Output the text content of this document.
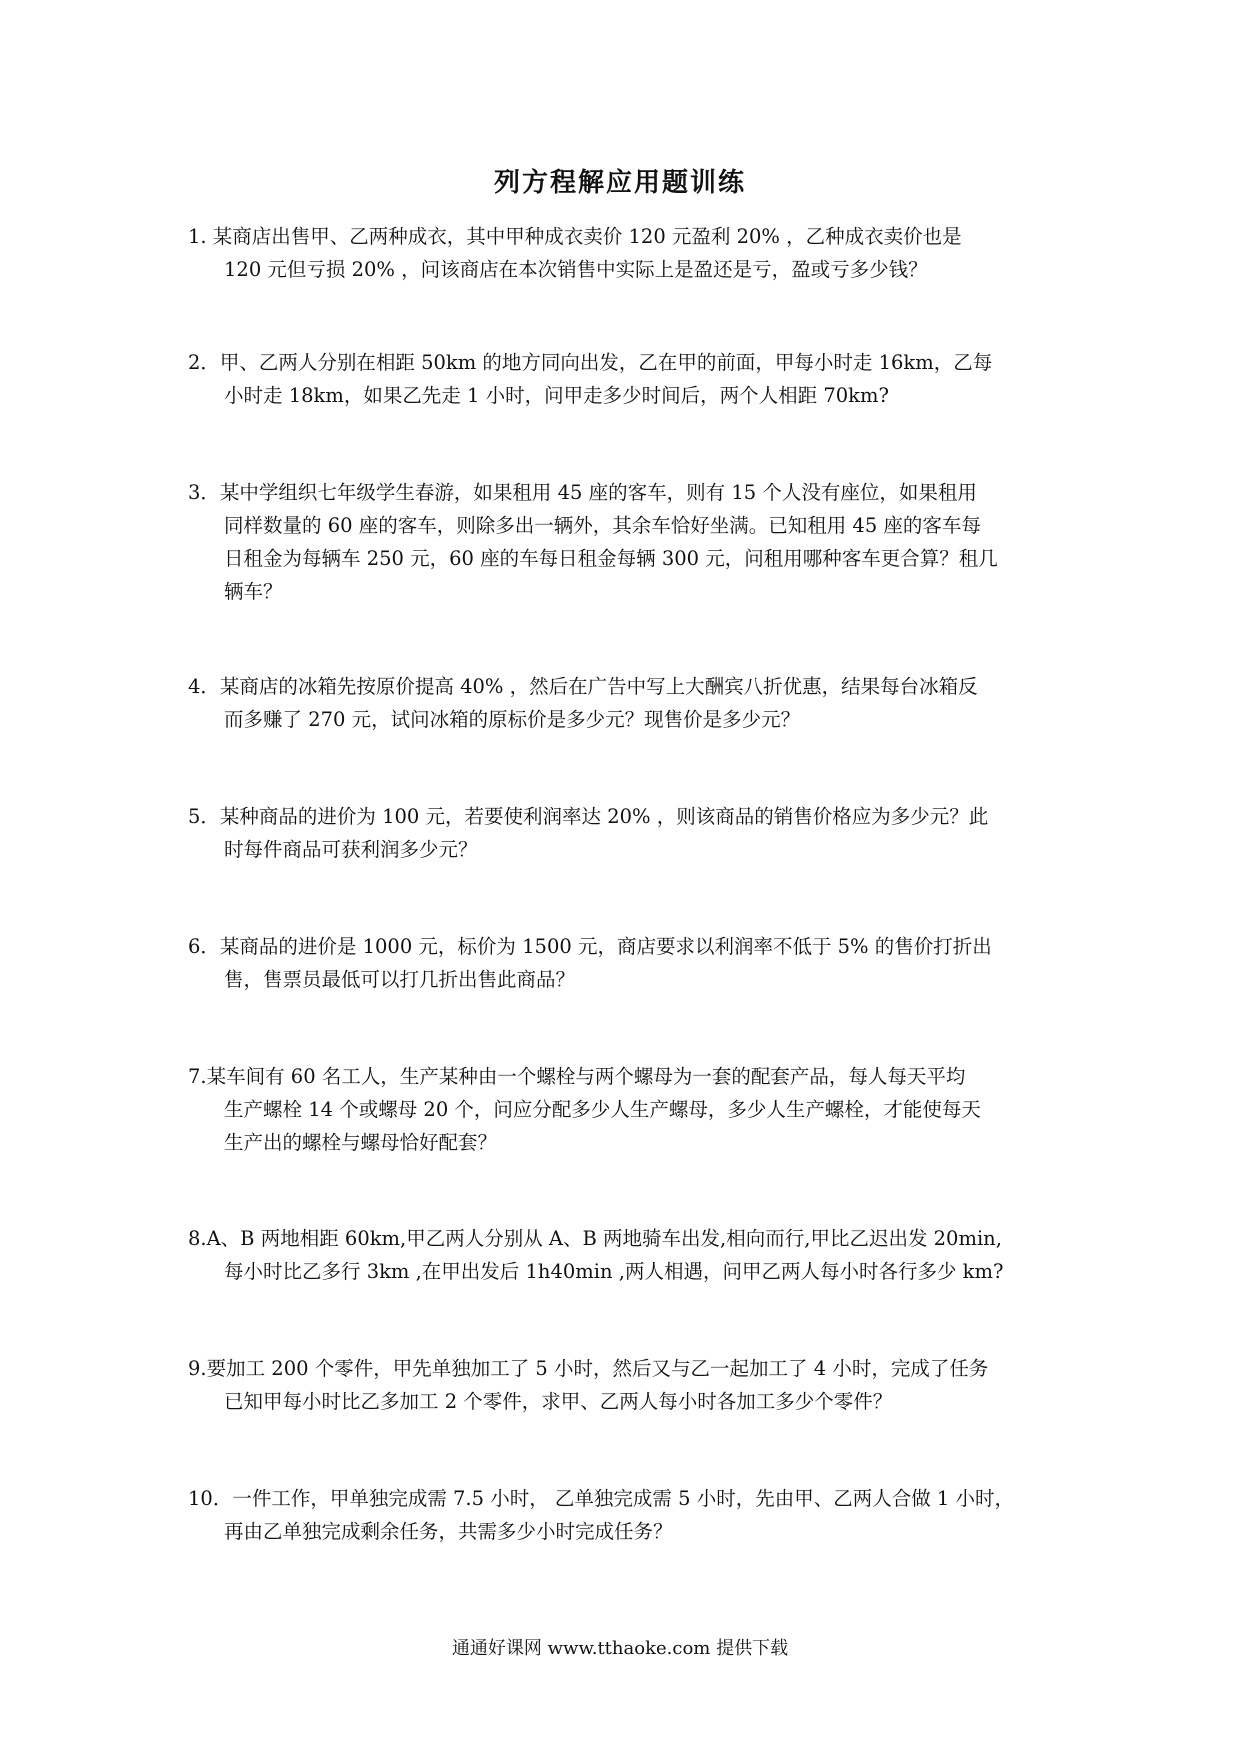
列方程解应用题训练
1. 某商店出售甲、乙两种成衣，其中甲种成衣卖价 120 元盈利 20% ，乙种成衣卖价也是
120 元但亏损 20% ，问该商店在本次销售中实际上是盈还是亏，盈或亏多少钱？
2．甲、乙两人分别在相距 50km 的地方同向出发，乙在甲的前面，甲每小时走 16km，乙每
小时走 18km，如果乙先走 1 小时，问甲走多少时间后，两个人相距 70km?
3．某中学组织七年级学生春游，如果租用 45 座的客车，则有 15 个人没有座位，如果租用
同样数量的 60 座的客车，则除多出一辆外，其余车恰好坐满。已知租用 45 座的客车每
日租金为每辆车 250 元，60 座的车每日租金每辆 300 元，问租用哪种客车更合算？租几
辆车？
4．某商店的冰箱先按原价提高 40% ，然后在广告中写上大酬宾八折优惠，结果每台冰箱反
而多赚了 270 元，试问冰箱的原标价是多少元？现售价是多少元？
5．某种商品的进价为 100 元，若要使利润率达 20% ，则该商品的销售价格应为多少元？此
时每件商品可获利润多少元？
6．某商品的进价是 1000 元，标价为 1500 元，商店要求以利润率不低于 5% 的售价打折出
售，售票员最低可以打几折出售此商品？
7.某车间有 60 名工人，生产某种由一个螺栓与两个螺母为一套的配套产品，每人每天平均
生产螺栓 14 个或螺母 20 个，问应分配多少人生产螺母，多少人生产螺栓，才能使每天
生产出的螺栓与螺母恰好配套？
8.A、B 两地相距 60km,甲乙两人分别从 A、B 两地骑车出发,相向而行,甲比乙迟出发 20min,
每小时比乙多行 3km ,在甲出发后 1h40min ,两人相遇，问甲乙两人每小时各行多少 km?
9.要加工 200 个零件，甲先单独加工了 5 小时，然后又与乙一起加工了 4 小时，完成了任务
已知甲每小时比乙多加工 2 个零件，求甲、乙两人每小时各加工多少个零件？
10．一件工作，甲单独完成需 7.5 小时， 乙单独完成需 5 小时，先由甲、乙两人合做 1 小时，
再由乙单独完成剩余任务，共需多少小时完成任务？
通通好课网 www.tthaoke.com 提供下载
